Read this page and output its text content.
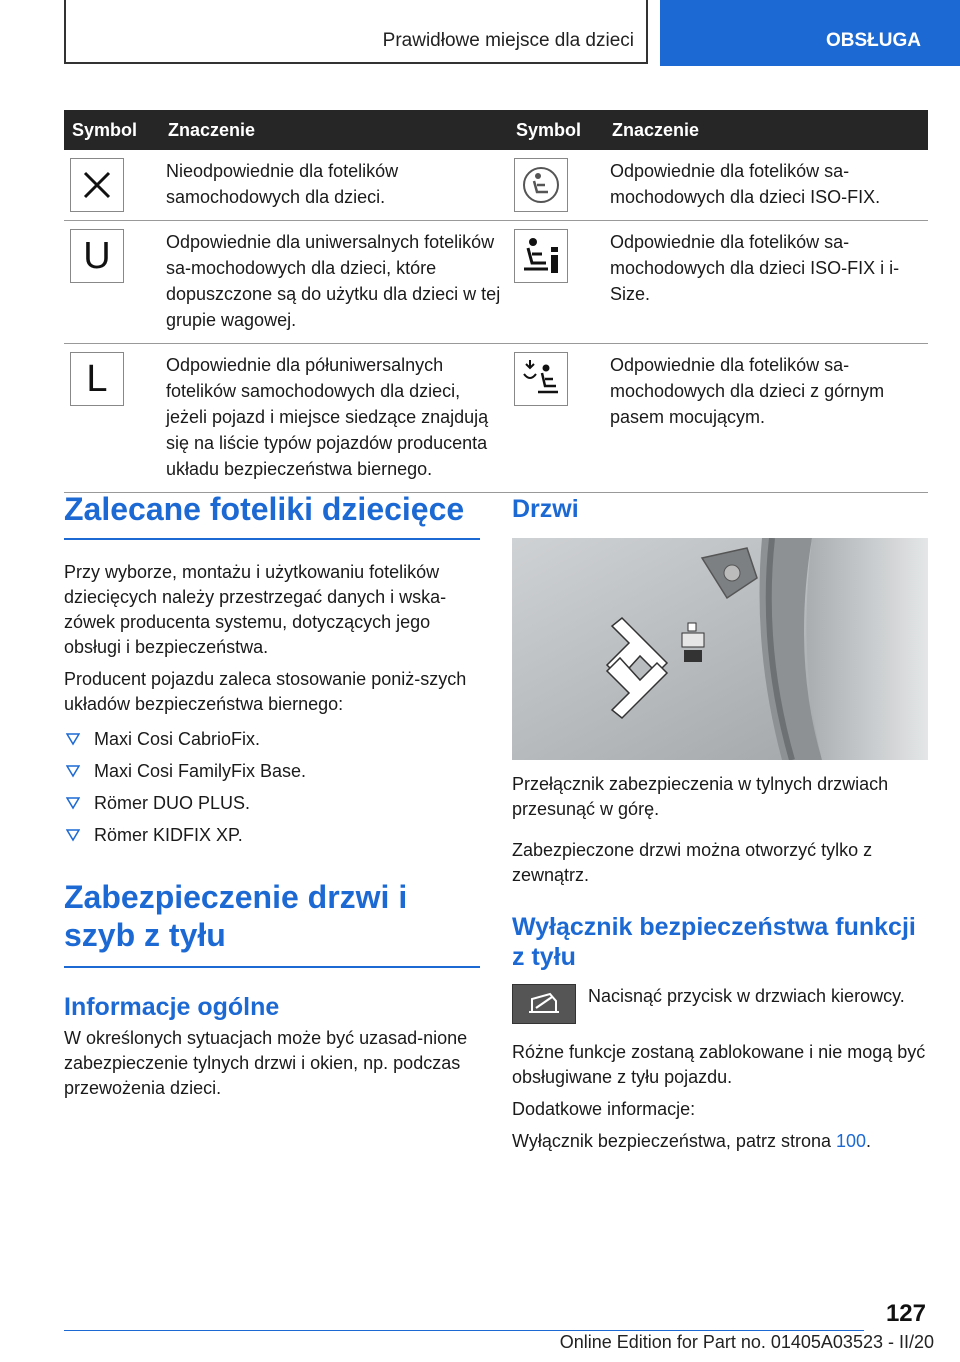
Prawidłowe miejsce dla dzieci	OBSŁUGA
Symbol	Znaczenie	Symbol	Znaczenie

	Nieodpowiednie dla fotelików samochodowych dla dzieci.		Odpowiednie dla fotelików sa-mochodowych dla dzieci ISO-FIX.

U	Odpowiednie dla uniwersalnych fotelików sa-mochodowych dla dzieci, które dopuszczone są do użytku dla dzieci w tej grupie wagowej.		Odpowiednie dla fotelików sa-mochodowych dla dzieci ISO-FIX i i-Size.

L	Odpowiednie dla półuniwersalnych fotelików samochodowych dla dzieci, jeżeli pojazd i miejsce siedzące znajdują się na liście typów pojazdów producenta układu bezpieczeństwa biernego.		Odpowiednie dla fotelików sa-mochodowych dla dzieci z górnym pasem mocującym.
Zalecane foteliki dziecięce

Przy wyborze, montażu i użytkowaniu fotelików dziecięcych należy przestrzegać danych i wska-zówek producenta systemu, dotyczących jego obsługi i bezpieczeństwa.

Producent pojazdu zaleca stosowanie poniż-szych układów bezpieczeństwa biernego:

Maxi Cosi CabrioFix.
Maxi Cosi FamilyFix Base.
Römer DUO PLUS.
Römer KIDFIX XP.
Zabezpieczenie drzwi i szyb z tyłu
Informacje ogólne

W określonych sytuacjach może być uzasad-nione zabezpieczenie tylnych drzwi i okien, np. podczas przewożenia dzieci.

Drzwi

Przełącznik zabezpieczenia w tylnych drzwiach przesunąć w górę.

Zabezpieczone drzwi można otworzyć tylko z zewnątrz.

Wyłącznik bezpieczeństwa funkcji z tyłu

Nacisnąć przycisk w drzwiach kierowcy.

Różne funkcje zostaną zablokowane i nie mogą być obsługiwane z tyłu pojazdu.

Dodatkowe informacje:

Wyłącznik bezpieczeństwa, patrz strona 100.

127
Online Edition for Part no. 01405A03523 - II/20
